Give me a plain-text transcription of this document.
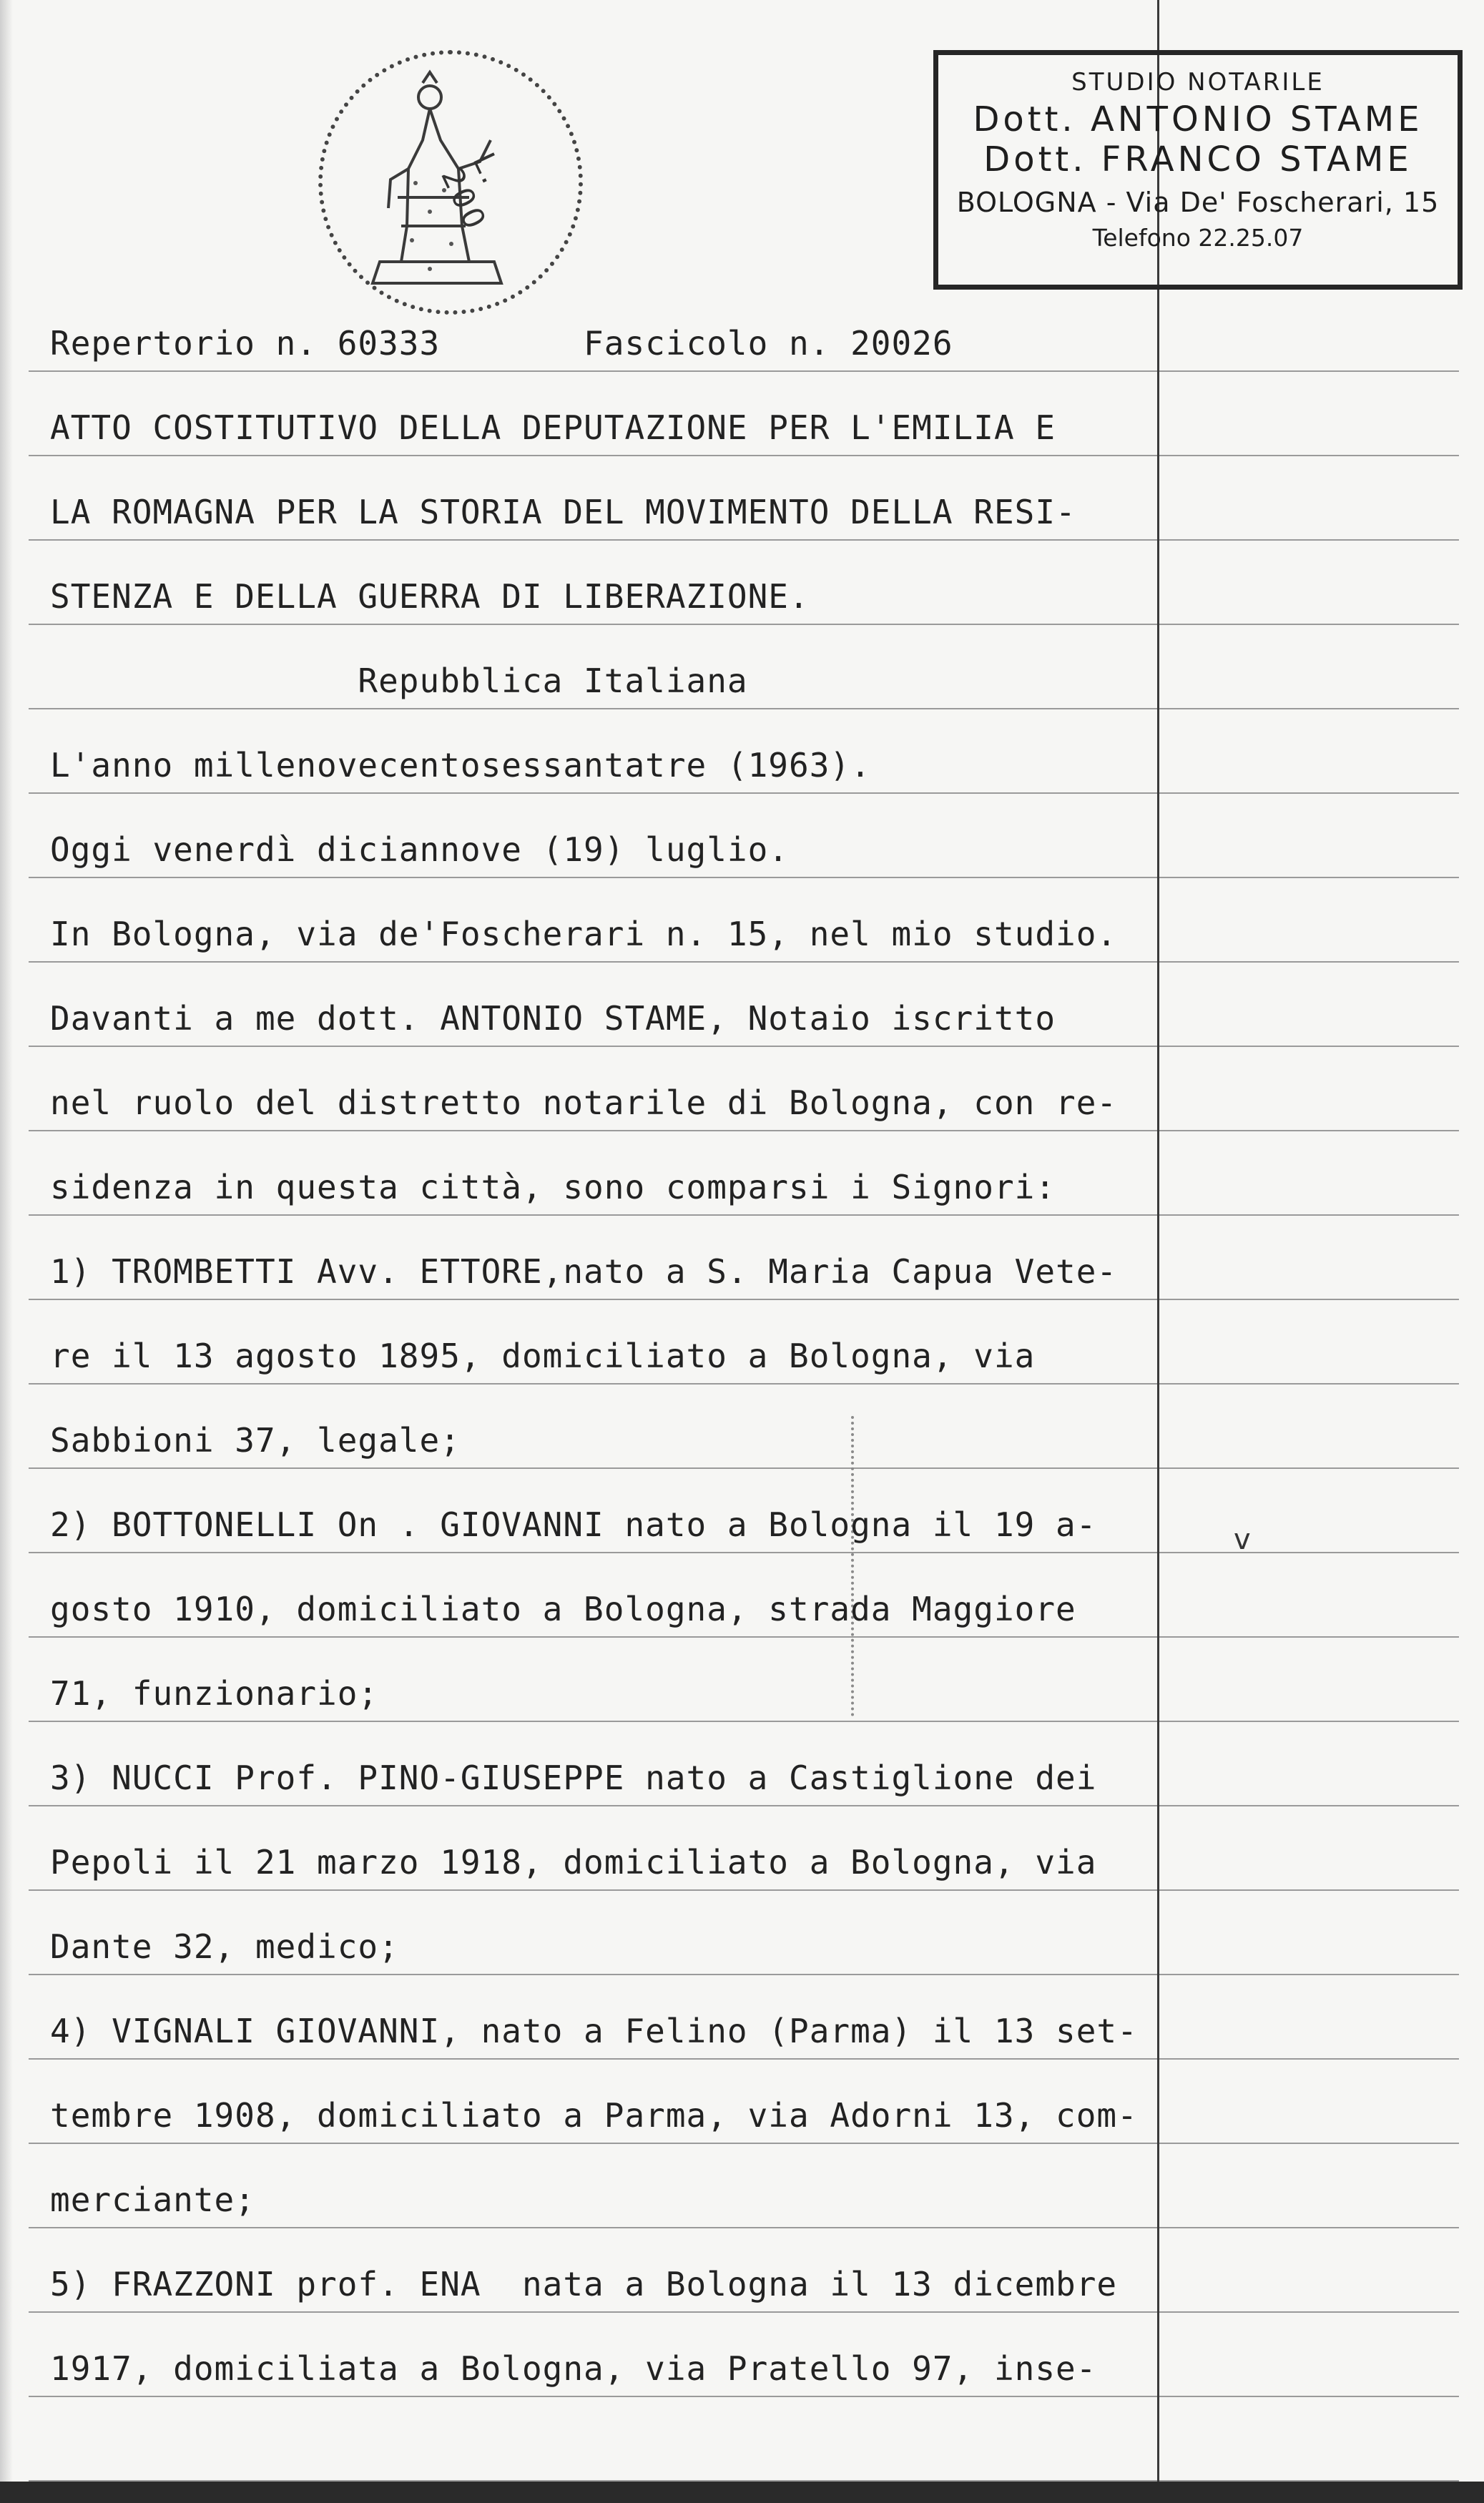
L. 200
STUDIO NOTARILE
Dott. ANTONIO STAME
Dott. FRANCO STAME
BOLOGNA - Via De' Foscherari, 15
Telefono 22.25.07
Repertorio n. 60333       Fascicolo n. 20026
ATTO COSTITUTIVO DELLA DEPUTAZIONE PER L'EMILIA E
LA ROMAGNA PER LA STORIA DEL MOVIMENTO DELLA RESI-
STENZA E DELLA GUERRA DI LIBERAZIONE.
Repubblica Italiana
L'anno millenovecentosessantatre (1963).
Oggi venerdì diciannove (19) luglio.
In Bologna, via de'Foscherari n. 15, nel mio studio.
Davanti a me dott. ANTONIO STAME, Notaio iscritto
nel ruolo del distretto notarile di Bologna, con re-
sidenza in questa città, sono comparsi i Signori:
1) TROMBETTI Avv. ETTORE,nato a S. Maria Capua Vete-
re il 13 agosto 1895, domiciliato a Bologna, via
Sabbioni 37, legale;
2) BOTTONELLI On . GIOVANNI nato a Bologna il 19 a-
gosto 1910, domiciliato a Bologna, strada Maggiore
71, funzionario;
3) NUCCI Prof. PINO-GIUSEPPE nato a Castiglione dei
Pepoli il 21 marzo 1918, domiciliato a Bologna, via
Dante 32, medico;
4) VIGNALI GIOVANNI, nato a Felino (Parma) il 13 set-
tembre 1908, domiciliato a Parma, via Adorni 13, com-
merciante;
5) FRAZZONI prof. ENA  nata a Bologna il 13 dicembre
1917, domiciliata a Bologna, via Pratello 97, inse-
v
